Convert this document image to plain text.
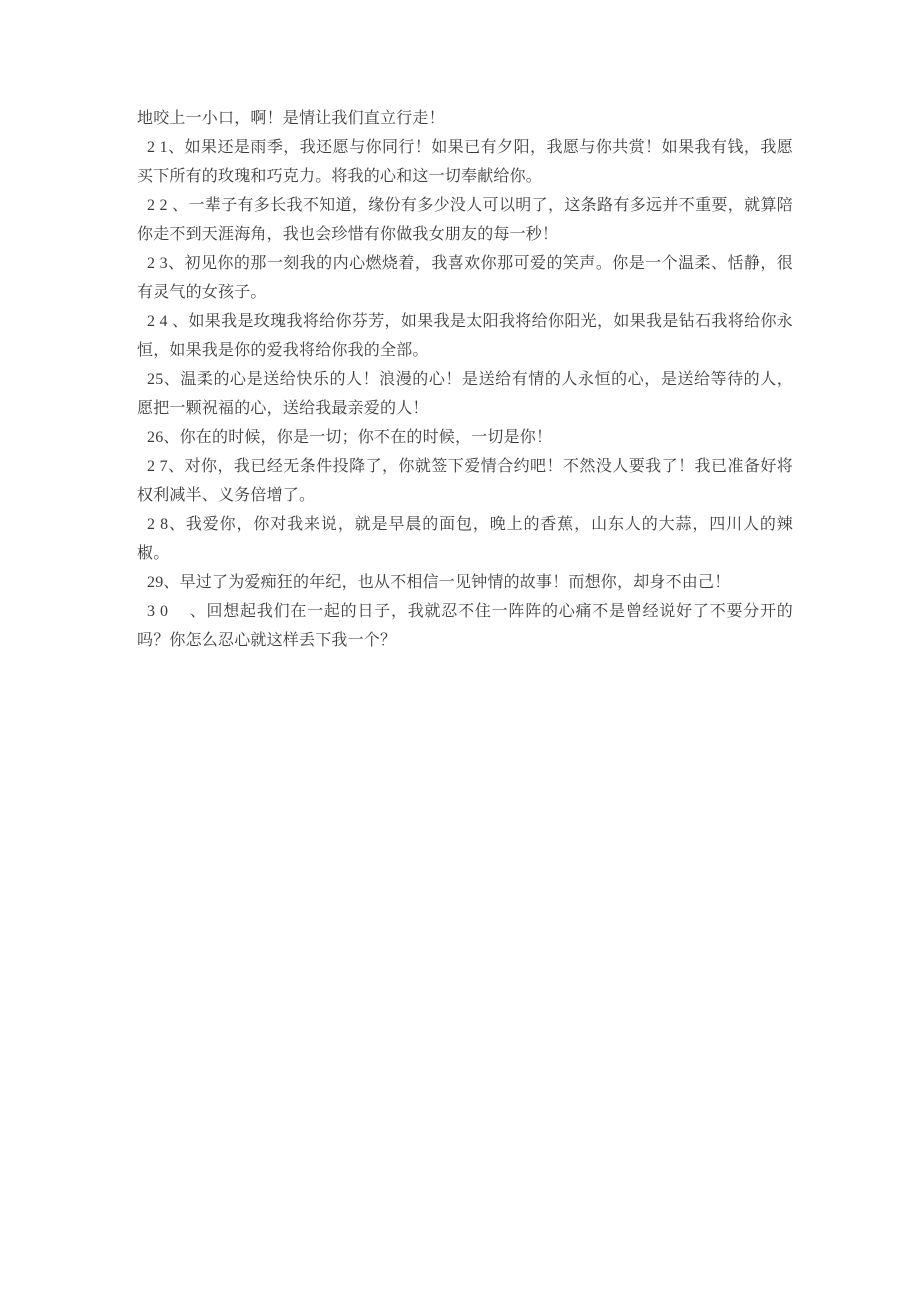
地咬上一小口，啊！是情让我们直立行走！

2 1、如果还是雨季，我还愿与你同行！如果已有夕阳，我愿与你共赏！如果我有钱，我愿买下所有的玫瑰和巧克力。将我的心和这一切奉献给你。

2 2 、一辈子有多长我不知道，缘份有多少没人可以明了，这条路有多远并不重要，就算陪你走不到天涯海角，我也会珍惜有你做我女朋友的每一秒！

2 3、初见你的那一刻我的内心燃烧着，我喜欢你那可爱的笑声。你是一个温柔、恬静，很有灵气的女孩子。

2 4 、如果我是玫瑰我将给你芬芳，如果我是太阳我将给你阳光，如果我是钻石我将给你永恒，如果我是你的爱我将给你我的全部。

25、温柔的心是送给快乐的人！浪漫的心！是送给有情的人永恒的心，是送给等待的人，愿把一颗祝福的心，送给我最亲爱的人！

26、你在的时候，你是一切；你不在的时候，一切是你！

2 7、对你，我已经无条件投降了，你就签下爱情合约吧！不然没人要我了！我已准备好将权利减半、义务倍增了。

2 8、我爱你，你对我来说，就是早晨的面包，晚上的香蕉，山东人的大蒜，四川人的辣椒。

29、早过了为爱痴狂的年纪，也从不相信一见钟情的故事！而想你，却身不由己！

3 0 　、回想起我们在一起的日子，我就忍不住一阵阵的心痛不是曾经说好了不要分开的吗？你怎么忍心就这样丢下我一个？
